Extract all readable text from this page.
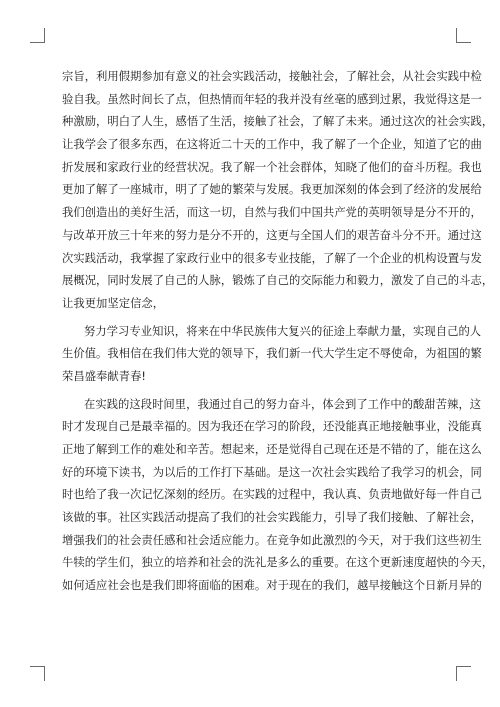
宗旨，利用假期参加有意义的社会实践活动，接触社会，了解社会，从社会实践中检
验自我。虽然时间长了点，但热情而年轻的我并没有丝毫的感到过累，我觉得这是一
种激励，明白了人生，感悟了生活，接触了社会，了解了未来。通过这次的社会实践，
让我学会了很多东西，在这将近二十天的工作中，我了解了一个企业，知道了它的曲
折发展和家政行业的经营状况。我了解一个社会群体，知晓了他们的奋斗历程。我也
更加了解了一座城市，明了了她的繁荣与发展。我更加深刻的体会到了经济的发展给
我们创造出的美好生活，而这一切，自然与我们中国共产党的英明领导是分不开的，
与改革开放三十年来的努力是分不开的，这更与全国人们的艰苦奋斗分不开。通过这
次实践活动，我掌握了家政行业中的很多专业技能，了解了一个企业的机构设置与发
展概况，同时发展了自己的人脉，锻炼了自己的交际能力和毅力，激发了自己的斗志，
让我更加坚定信念，
努力学习专业知识，将来在中华民族伟大复兴的征途上奉献力量，实现自己的人
生价值。我相信在我们伟大党的领导下，我们新一代大学生定不辱使命，为祖国的繁
荣昌盛奉献青春!
在实践的这段时间里，我通过自己的努力奋斗，体会到了工作中的酸甜苦辣，这
时才发现自己是最幸福的。因为我还在学习的阶段，还没能真正地接触事业，没能真
正地了解到工作的难处和辛苦。想起来，还是觉得自己现在还是不错的了，能在这么
好的环境下读书，为以后的工作打下基础。是这一次社会实践给了我学习的机会，同
时也给了我一次记忆深刻的经历。在实践的过程中，我认真、负责地做好每一件自己
该做的事。社区实践活动提高了我们的社会实践能力，引导了我们接触、了解社会，
增强我们的社会责任感和社会适应能力。在竞争如此激烈的今天，对于我们这些初生
牛犊的学生们，独立的培养和社会的洗礼是多么的重要。在这个更新速度超快的今天，
如何适应社会也是我们即将面临的困难。对于现在的我们，越早接触这个日新月异的
